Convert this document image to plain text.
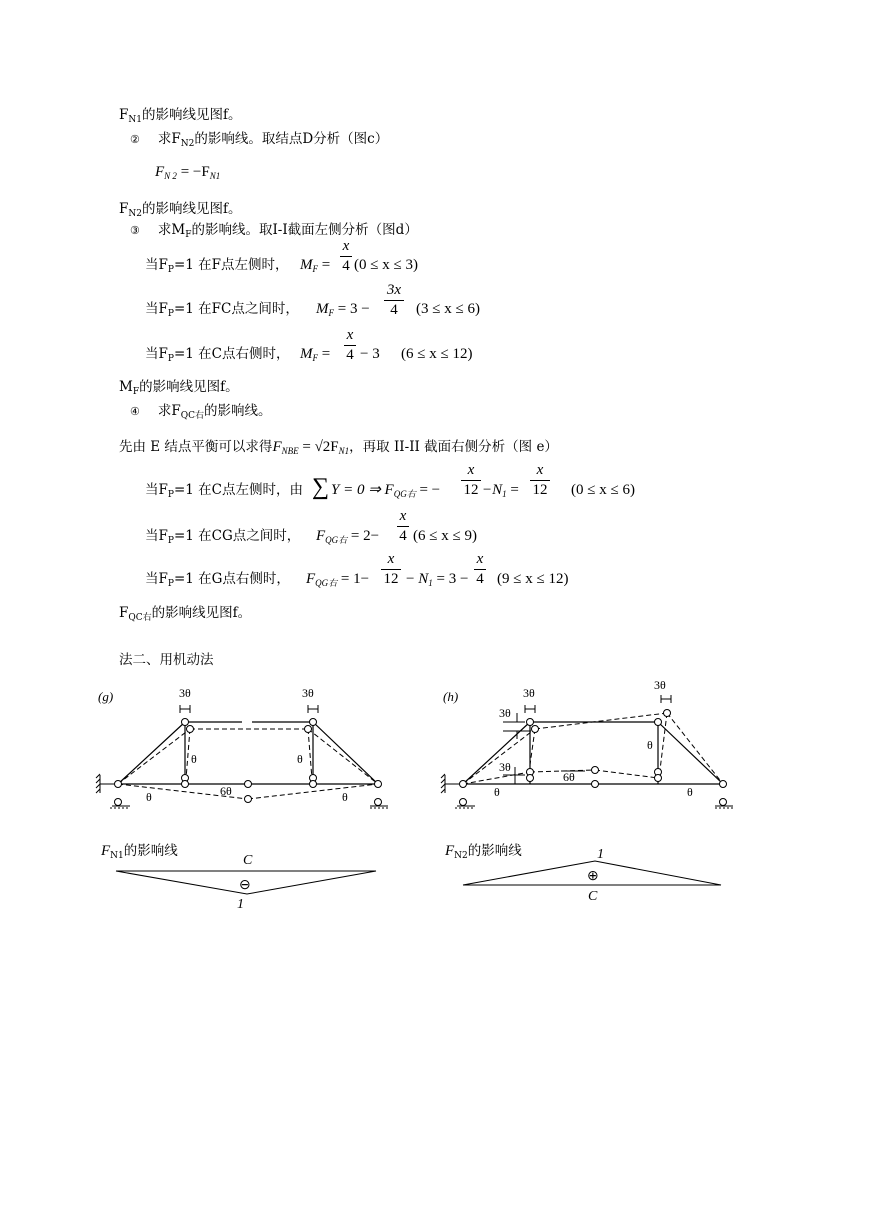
$F_{N1}$的影响线见图f。
② 求$F_{N2}$的影响线。取结点D分析（图c）
$F_{N 2} = -F_{N1}$
$F_{N2}$的影响线见图f。
③ 求$M_F$的影响线。取I-I截面左侧分析（图d）
当$F_P=1$ 在F点左侧时， $M_F$ =
x
4 (0 ≤ x ≤ 3)
当$F_P=1$ 在FC点之间时， $M_F = 3$ −
3x
4	(3 ≤ x ≤ 6)
当$F_P=1$ 在C点右侧时， $M_F$ =
x
4 − 3 (6 ≤ x ≤ 12)
$M_F$的影响线见图f。
④ 求$F_{QC右}$的影响线。
先由 E 结点平衡可以求得$F_{NBE} = √2F_{N1}$，再取 II-II 截面右侧分析（图 e）
当$F_P=1$ 在C点左侧时，由 ∑ Y = 0 ⇒ $F_{QG右}$ = −
x
$12 -N_1$ =
x
12 (0 ≤ x ≤ 6)
当$F_P=1$ 在CG点之间时， $F_{QG右} = 2-$
x
4 (6 ≤ x ≤ 9)
当$F_P=1$ 在G点右侧时， $F_{QG右} = 1-$
x
$12 - N_1 = 3$ −
x
4 (9 ≤ x ≤ 12)
$F_{QC右}$的影响线见图f。
法二、用机动法
(g)	3θ	3θ
θ	θ
θ	θ
6θ
(h)	3θ
3θ
3θ
3θ
θ
θ	θ
6θ
$F_{N1}$的影响线
C
⊖
1
$F_{N2}$的影响线	1
⊕
C
